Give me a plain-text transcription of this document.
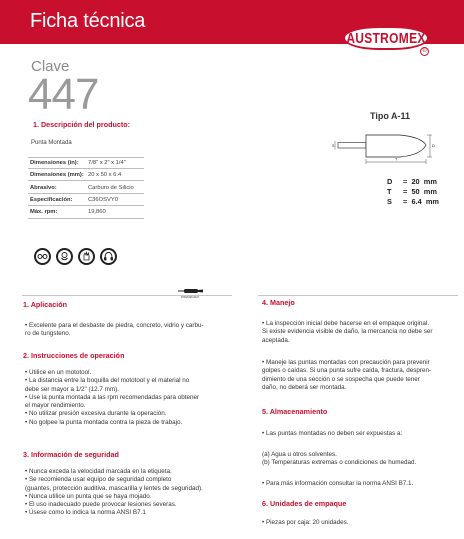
Ficha técnica
AUSTROMEX
®
Clave
447
1. Descripción del producto:
Punta Montada
Dimensiones (in): 7/8" x 2" x 1/4"
Dimensiones (mm): 20 x 50 x 6.4
Abrasivo:	Carburo de Silicio
Especificación:	C36OSVY0
Máx. rpm:	19,860
Tipo A-11
S
T
D
D = 20 mm
T = 50 mm
S = 6.4 mm
Mototool
1. Aplicación
• Excelente para el desbaste de piedra, concreto, vidrio y carbu-
ro de tungsteno.
2. Instrucciones de operación
• Utilice en un mototool.
• La distancia entre la boquilla del mototool y el material no
debe ser mayor a 1/2" (12.7 mm).
• Use la punta montada a las rpm recomendadas para obtener
el mayor rendimiento.
• No utilizar presión excesiva durante la operación.
• No golpee la punta montada contra la pieza de trabajo.
3. Información de seguridad
• Nunca exceda la velocidad marcada en la etiqueta.
• Se recomienda usar equipo de seguridad completo
(guantes, protección auditiva, mascarilla y lentes de seguridad).
• Nunca utilice un punta que se haya mojado.
• El uso inadecuado puede provocar lesiones severas.
• Úsese como lo indica la norma ANSI B7.1
4. Manejo
• La inspección inicial debe hacerse en el empaque original.
Si existe evidencia visible de daño, la mercancía no debe ser
aceptada.
• Maneje las puntas montadas con precaución para prevenir
golpes o caídas. Si una punta sufre caída, fractura, despren-
dimiento de una sección o se sospecha que puede tener
daño, no deberá ser montada.
5. Almacenamiento
• Las puntas montadas no deben ser expuestas a:
(a) Agua u otros solventes.
(b) Temperaturas extremas o condiciones de humedad.
• Para más información consultar la norma ANSI B7.1.
6. Unidades de empaque
• Piezas por caja: 20 unidades.
